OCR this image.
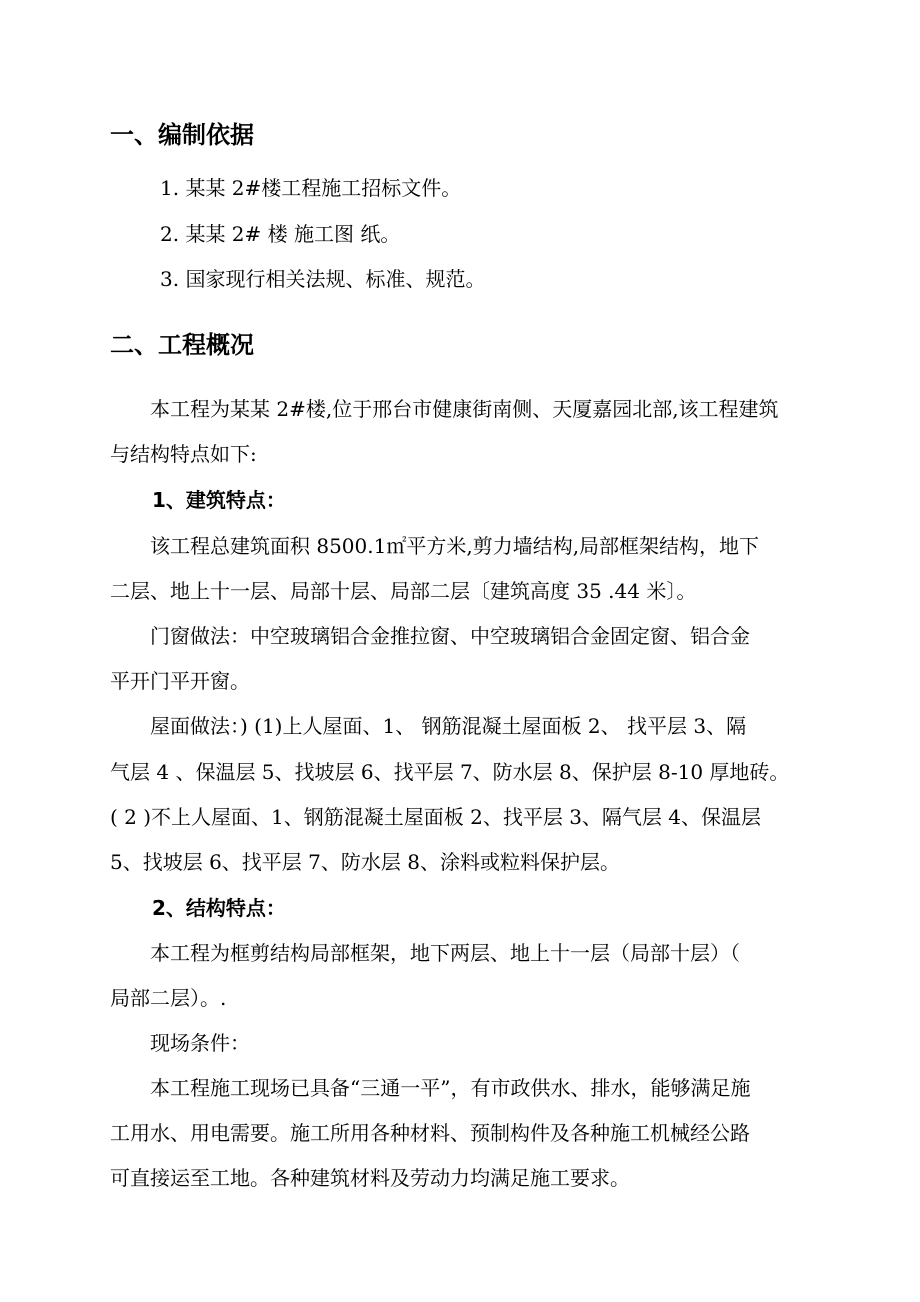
一、编制依据
1. 某某 2#楼工程施工招标文件。
2. 某某 2# 楼 施工图 纸。
3. 国家现行相关法规、标准、规范。
二、工程概况
本工程为某某 2#楼,位于邢台市健康街南侧、天厦嘉园北部,该工程建筑
与结构特点如下:
1、建筑特点：
该工程总建筑面积 8500.1㎡平方米,剪力墙结构,局部框架结构，地下
二层、地上十一层、局部十层、局部二层〔建筑高度 35 .44 米〕。
门窗做法：中空玻璃铝合金推拉窗、中空玻璃铝合金固定窗、铝合金
平开门平开窗。
屋面做法：) (1)上人屋面、1、 钢筋混凝土屋面板 2、 找平层 3、隔
气层 4 、保温层 5、找坡层 6、找平层 7、防水层 8、保护层 8-10 厚地砖。
( 2 )不上人屋面、1、钢筋混凝土屋面板 2、找平层 3、隔气层 4、保温层
5、找坡层 6、找平层 7、防水层 8、涂料或粒料保护层。
2、结构特点：
本工程为框剪结构局部框架，地下两层、地上十一层（局部十层）（
局部二层）。.
现场条件：
本工程施工现场已具备“三通一平”，有市政供水、排水，能够满足施
工用水、用电需要。施工所用各种材料、预制构件及各种施工机械经公路
可直接运至工地。各种建筑材料及劳动力均满足施工要求。
